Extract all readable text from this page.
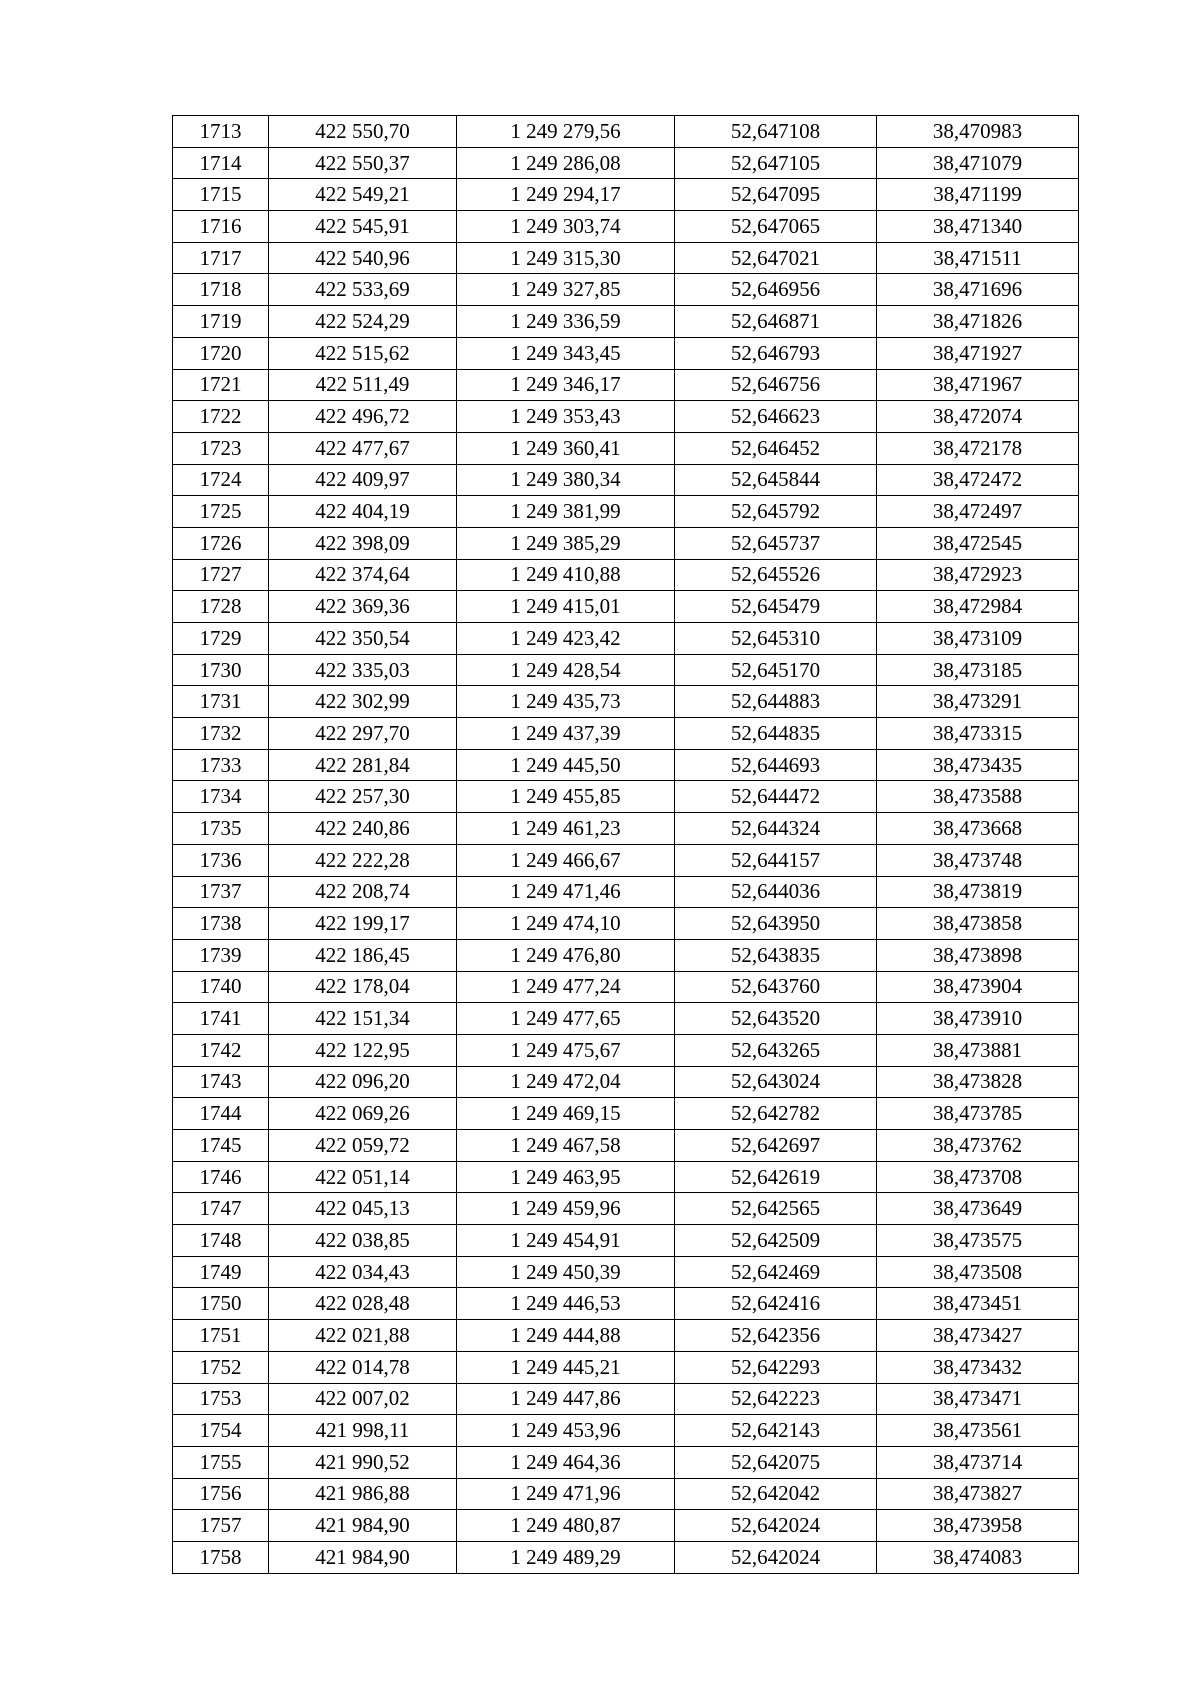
1713	422 550,70	1 249 279,56	52,647108	38,470983
1714	422 550,37	1 249 286,08	52,647105	38,471079
1715	422 549,21	1 249 294,17	52,647095	38,471199
1716	422 545,91	1 249 303,74	52,647065	38,471340
1717	422 540,96	1 249 315,30	52,647021	38,471511
1718	422 533,69	1 249 327,85	52,646956	38,471696
1719	422 524,29	1 249 336,59	52,646871	38,471826
1720	422 515,62	1 249 343,45	52,646793	38,471927
1721	422 511,49	1 249 346,17	52,646756	38,471967
1722	422 496,72	1 249 353,43	52,646623	38,472074
1723	422 477,67	1 249 360,41	52,646452	38,472178
1724	422 409,97	1 249 380,34	52,645844	38,472472
1725	422 404,19	1 249 381,99	52,645792	38,472497
1726	422 398,09	1 249 385,29	52,645737	38,472545
1727	422 374,64	1 249 410,88	52,645526	38,472923
1728	422 369,36	1 249 415,01	52,645479	38,472984
1729	422 350,54	1 249 423,42	52,645310	38,473109
1730	422 335,03	1 249 428,54	52,645170	38,473185
1731	422 302,99	1 249 435,73	52,644883	38,473291
1732	422 297,70	1 249 437,39	52,644835	38,473315
1733	422 281,84	1 249 445,50	52,644693	38,473435
1734	422 257,30	1 249 455,85	52,644472	38,473588
1735	422 240,86	1 249 461,23	52,644324	38,473668
1736	422 222,28	1 249 466,67	52,644157	38,473748
1737	422 208,74	1 249 471,46	52,644036	38,473819
1738	422 199,17	1 249 474,10	52,643950	38,473858
1739	422 186,45	1 249 476,80	52,643835	38,473898
1740	422 178,04	1 249 477,24	52,643760	38,473904
1741	422 151,34	1 249 477,65	52,643520	38,473910
1742	422 122,95	1 249 475,67	52,643265	38,473881
1743	422 096,20	1 249 472,04	52,643024	38,473828
1744	422 069,26	1 249 469,15	52,642782	38,473785
1745	422 059,72	1 249 467,58	52,642697	38,473762
1746	422 051,14	1 249 463,95	52,642619	38,473708
1747	422 045,13	1 249 459,96	52,642565	38,473649
1748	422 038,85	1 249 454,91	52,642509	38,473575
1749	422 034,43	1 249 450,39	52,642469	38,473508
1750	422 028,48	1 249 446,53	52,642416	38,473451
1751	422 021,88	1 249 444,88	52,642356	38,473427
1752	422 014,78	1 249 445,21	52,642293	38,473432
1753	422 007,02	1 249 447,86	52,642223	38,473471
1754	421 998,11	1 249 453,96	52,642143	38,473561
1755	421 990,52	1 249 464,36	52,642075	38,473714
1756	421 986,88	1 249 471,96	52,642042	38,473827
1757	421 984,90	1 249 480,87	52,642024	38,473958
1758	421 984,90	1 249 489,29	52,642024	38,474083
